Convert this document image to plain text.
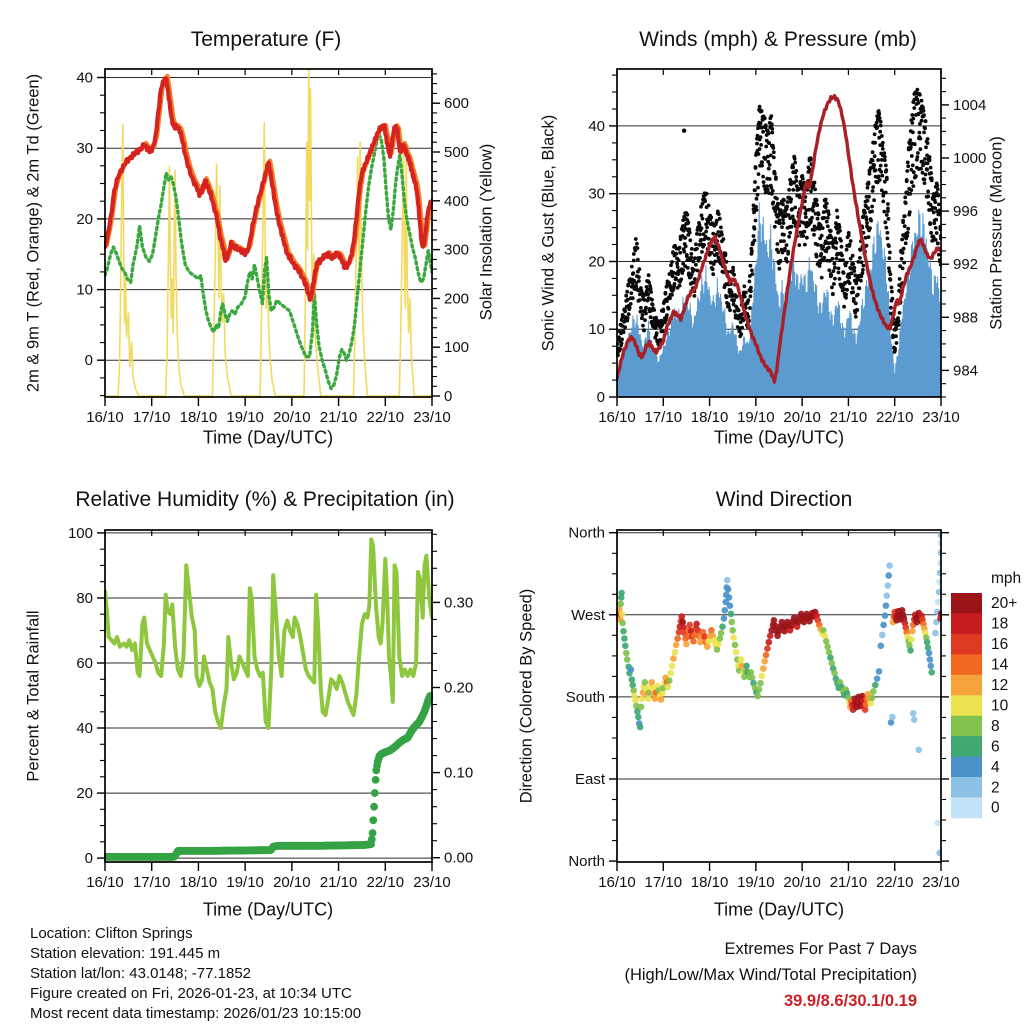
0
10
20
30
40
0
100
200
300
400
500
600
16/10 17/10 18/10 19/10 20/10 21/10 22/10 23/10
0
10
20
30
40
984
988
992
996
1000
1004
16/10 17/10 18/10 19/10 20/10 21/10 22/10 23/10
0
20
40
60
80
100
0.00
0.10
0.20
0.30
16/10 17/10 18/10 19/10 20/10 21/10 22/10 23/10
North
West
South
East
North
16/10 17/10 18/10 19/10 20/10 21/10 22/10 23/10
20+
18
16
14
12
10
8
6
4
2
0
Temperature (F)	Winds (mph) & Pressure (mb)
Relative Humidity (%) & Precipitation (in)	Wind Direction
2m & 9m T (Red, Orange) & 2m Td (Green)	Solar Insolation (Yellow)	Sonic Wind & Gust (Blue, Black)	Station Pressure (Maroon)
Percent & Total Rainfall	Direction (Colored By Speed)
Time (Day/UTC)	Time (Day/UTC)
Time (Day/UTC)	Time (Day/UTC)
mph
Location: Clifton Springs
Station elevation: 191.445 m
Station lat/lon: 43.0148; -77.1852
Figure created on Fri, 2026-01-23, at 10:34 UTC
Most recent data timestamp: 2026/01/23 10:15:00
Extremes For Past 7 Days
(High/Low/Max Wind/Total Precipitation)
39.9/8.6/30.1/0.19
